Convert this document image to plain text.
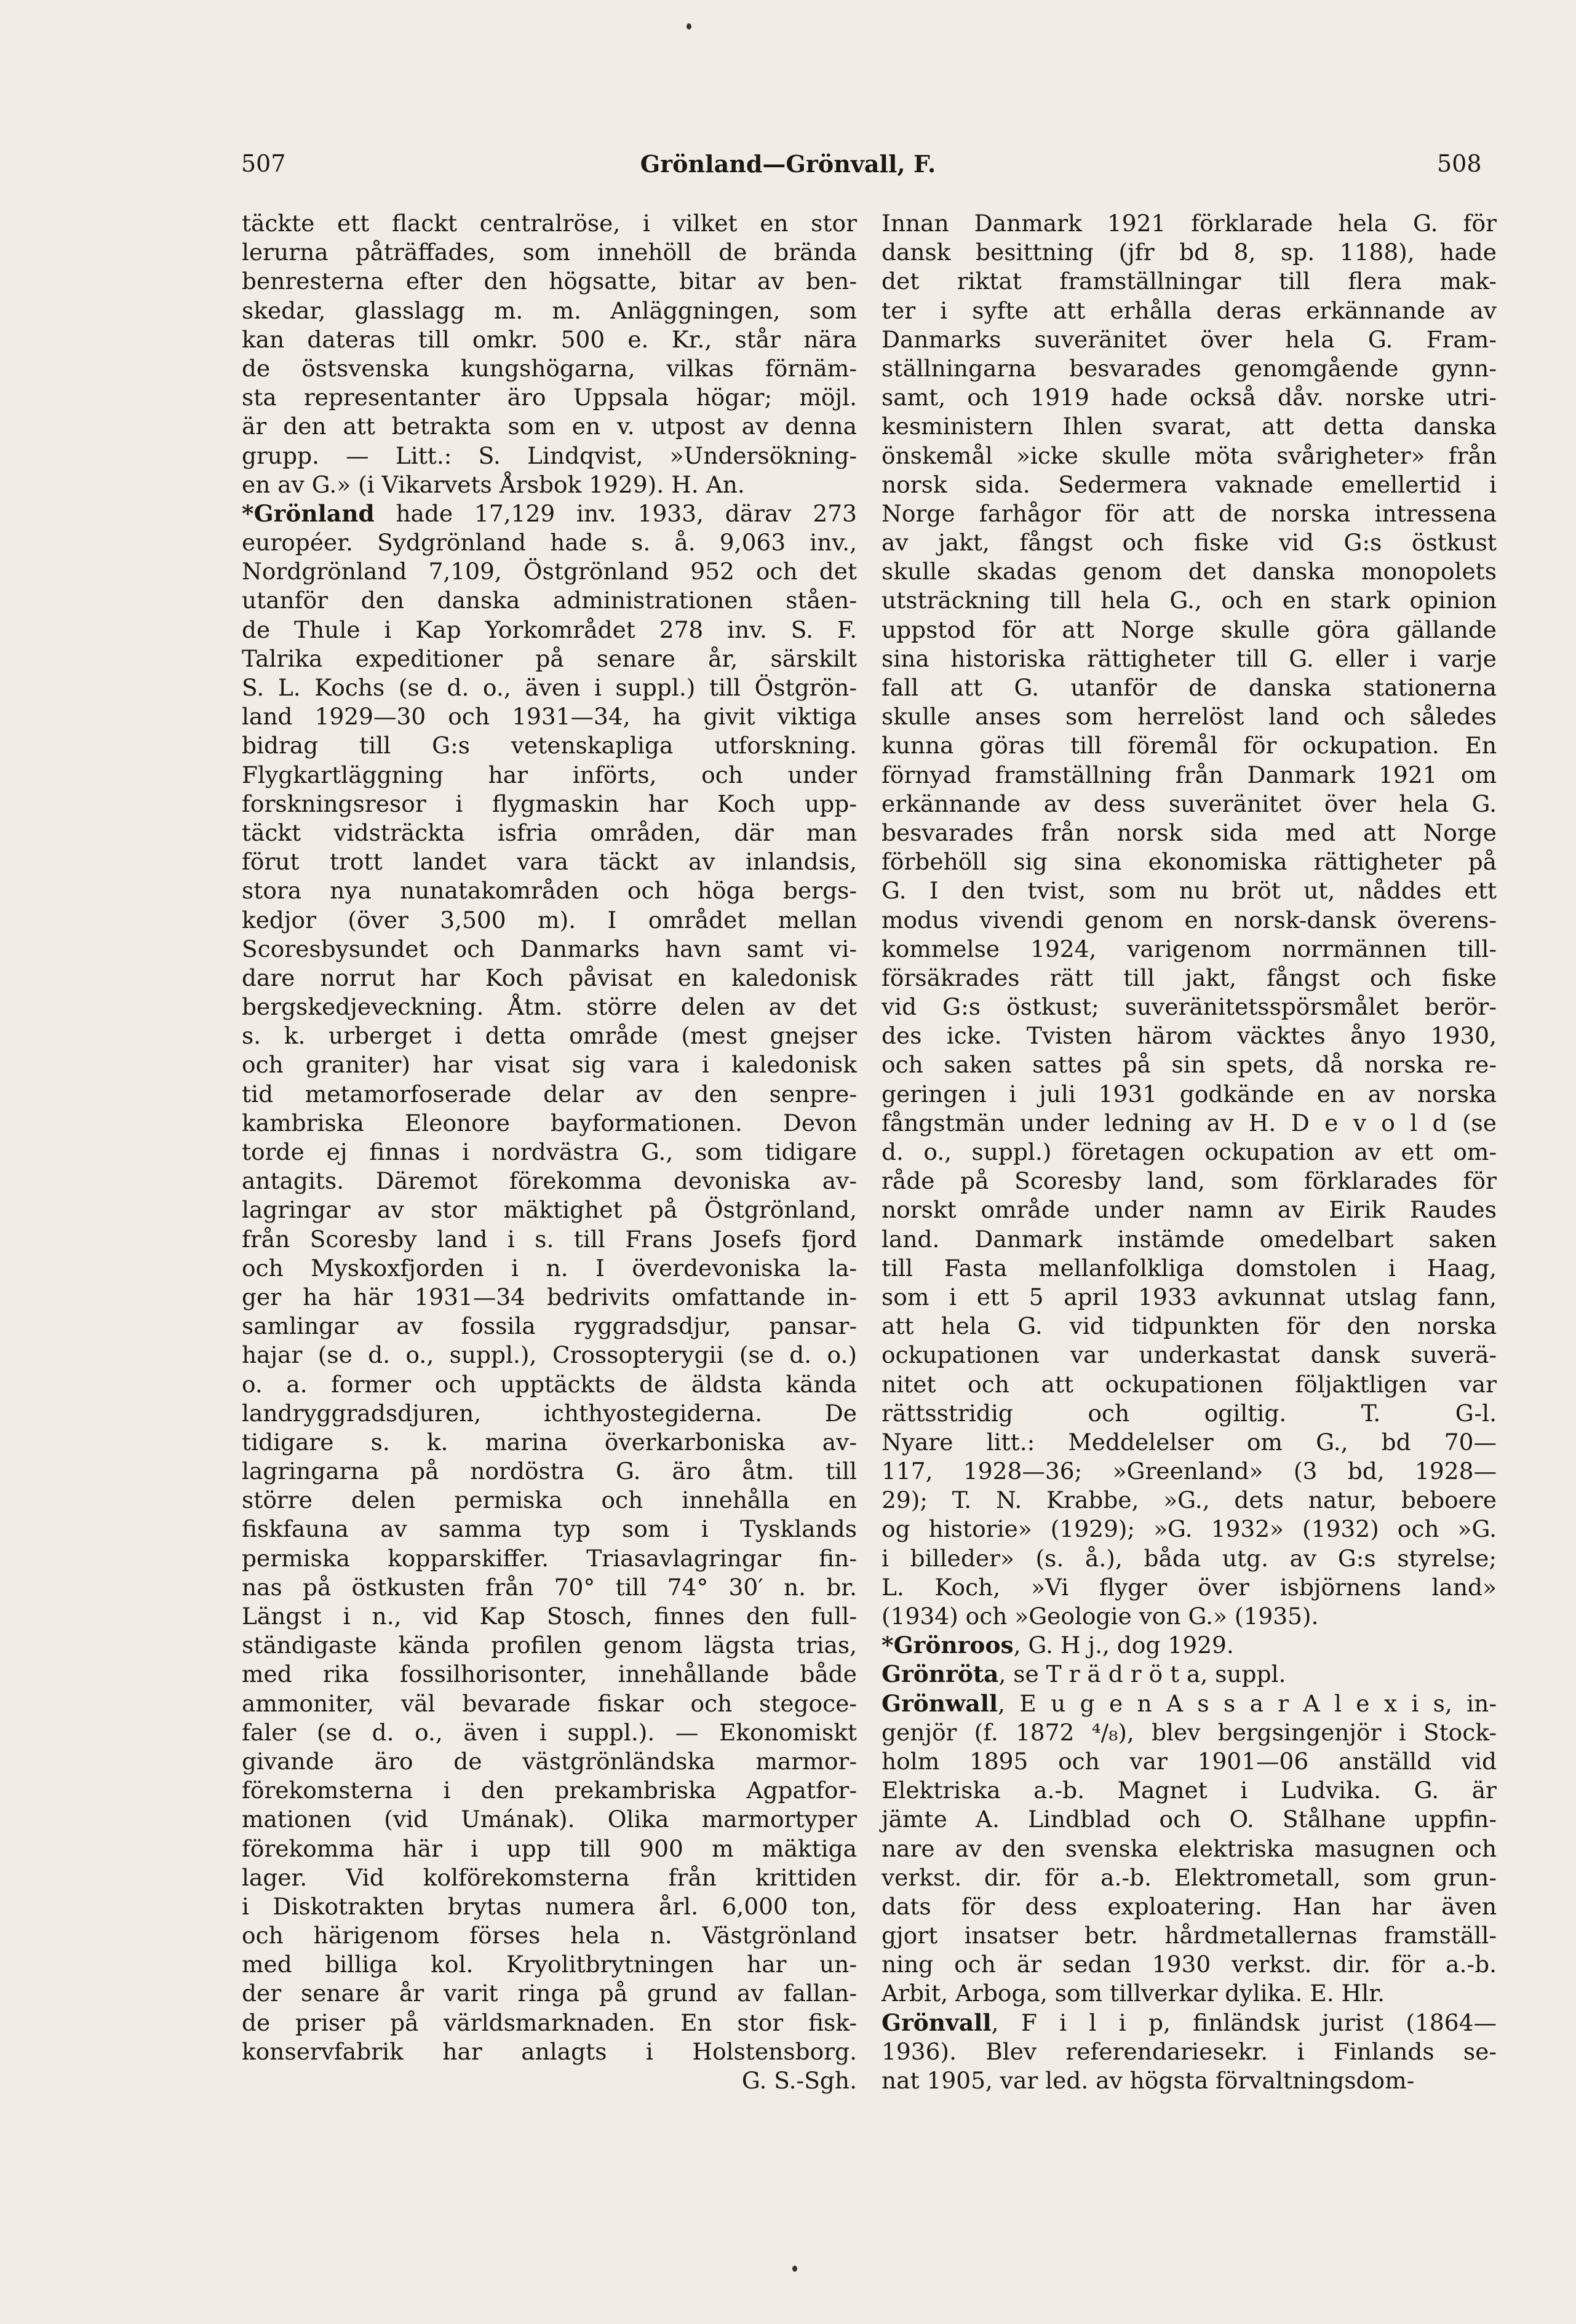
507	Grönland—Grönvall, F.	508
täckte ett flackt centralröse, i vilket en stor
lerurna påträffades, som innehöll de brända
benresterna efter den högsatte, bitar av ben-
skedar, glasslagg m. m. Anläggningen, som
kan dateras till omkr. 500 e. Kr., står nära
de östsvenska kungshögarna, vilkas förnäm-
sta representanter äro Uppsala högar; möjl.
är den att betrakta som en v. utpost av denna
grupp. — Litt.: S. Lindqvist, »Undersökning-
en av G.» (i Vikarvets Årsbok 1929). H. An.
*Grönland hade 17,129 inv. 1933, därav 273
européer. Sydgrönland hade s. å. 9,063 inv.,
Nordgrönland 7,109, Östgrönland 952 och det
utanför den danska administrationen ståen-
de Thule i Kap Yorkområdet 278 inv. S. F.
Talrika expeditioner på senare år, särskilt
S. L. Kochs (se d. o., även i suppl.) till Östgrön-
land 1929—30 och 1931—34, ha givit viktiga
bidrag till G:s vetenskapliga utforskning.
Flygkartläggning har införts, och under
forskningsresor i flygmaskin har Koch upp-
täckt vidsträckta isfria områden, där man
förut trott landet vara täckt av inlandsis,
stora nya nunatakområden och höga bergs-
kedjor (över 3,500 m). I området mellan
Scoresbysundet och Danmarks havn samt vi-
dare norrut har Koch påvisat en kaledonisk
bergskedjeveckning. Åtm. större delen av det
s. k. urberget i detta område (mest gnejser
och graniter) har visat sig vara i kaledonisk
tid metamorfoserade delar av den senpre-
kambriska Eleonore bayformationen. Devon
torde ej finnas i nordvästra G., som tidigare
antagits. Däremot förekomma devoniska av-
lagringar av stor mäktighet på Östgrönland,
från Scoresby land i s. till Frans Josefs fjord
och Myskoxfjorden i n. I överdevoniska la-
ger ha här 1931—34 bedrivits omfattande in-
samlingar av fossila ryggradsdjur, pansar-
hajar (se d. o., suppl.), Crossopterygii (se d. o.)
o. a. former och upptäckts de äldsta kända
landryggradsdjuren, ichthyostegiderna. De
tidigare s. k. marina överkarboniska av-
lagringarna på nordöstra G. äro åtm. till
större delen permiska och innehålla en
fiskfauna av samma typ som i Tysklands
permiska kopparskiffer. Triasavlagringar fin-
nas på östkusten från 70° till 74° 30′ n. br.
Längst i n., vid Kap Stosch, finnes den full-
ständigaste kända profilen genom lägsta trias,
med rika fossilhorisonter, innehållande både
ammoniter, väl bevarade fiskar och stegoce-
faler (se d. o., även i suppl.). — Ekonomiskt
givande äro de västgrönländska marmor-
förekomsterna i den prekambriska Agpatfor-
mationen (vid Umának). Olika marmortyper
förekomma här i upp till 900 m mäktiga
lager. Vid kolförekomsterna från krittiden
i Diskotrakten brytas numera årl. 6,000 ton,
och härigenom förses hela n. Västgrönland
med billiga kol. Kryolitbrytningen har un-
der senare år varit ringa på grund av fallan-
de priser på världsmarknaden. En stor fisk-
konservfabrik har anlagts i Holstensborg.
G. S.-Sgh.
Innan Danmark 1921 förklarade hela G. för
dansk besittning (jfr bd 8, sp. 1188), hade
det riktat framställningar till flera mak-
ter i syfte att erhålla deras erkännande av
Danmarks suveränitet över hela G. Fram-
ställningarna besvarades genomgående gynn-
samt, och 1919 hade också dåv. norske utri-
kesministern Ihlen svarat, att detta danska
önskemål »icke skulle möta svårigheter» från
norsk sida. Sedermera vaknade emellertid i
Norge farhågor för att de norska intressena
av jakt, fångst och fiske vid G:s östkust
skulle skadas genom det danska monopolets
utsträckning till hela G., och en stark opinion
uppstod för att Norge skulle göra gällande
sina historiska rättigheter till G. eller i varje
fall att G. utanför de danska stationerna
skulle anses som herrelöst land och således
kunna göras till föremål för ockupation. En
förnyad framställning från Danmark 1921 om
erkännande av dess suveränitet över hela G.
besvarades från norsk sida med att Norge
förbehöll sig sina ekonomiska rättigheter på
G. I den tvist, som nu bröt ut, nåddes ett
modus vivendi genom en norsk-dansk överens-
kommelse 1924, varigenom norrmännen till-
försäkrades rätt till jakt, fångst och fiske
vid G:s östkust; suveränitetsspörsmålet berör-
des icke. Tvisten härom väcktes ånyo 1930,
och saken sattes på sin spets, då norska re-
geringen i juli 1931 godkände en av norska
fångstmän under ledning av H. D e v o l d (se
d. o., suppl.) företagen ockupation av ett om-
råde på Scoresby land, som förklarades för
norskt område under namn av Eirik Raudes
land. Danmark instämde omedelbart saken
till Fasta mellanfolkliga domstolen i Haag,
som i ett 5 april 1933 avkunnat utslag fann,
att hela G. vid tidpunkten för den norska
ockupationen var underkastat dansk suverä-
nitet och att ockupationen följaktligen var
rättsstridig och ogiltig. T. G-l.
Nyare litt.: Meddelelser om G., bd 70—
117, 1928—36; »Greenland» (3 bd, 1928—
29); T. N. Krabbe, »G., dets natur, beboere
og historie» (1929); »G. 1932» (1932) och »G.
i billeder» (s. å.), båda utg. av G:s styrelse;
L. Koch, »Vi flyger över isbjörnens land»
(1934) och »Geologie von G.» (1935).
*Grönroos, G. H j., dog 1929.
Grönröta, se T r ä d r ö t a, suppl.
Grönwall, E u g e n A s s a r A l e x i s, in-
genjör (f. 1872 ⁴/₈), blev bergsingenjör i Stock-
holm 1895 och var 1901—06 anställd vid
Elektriska a.-b. Magnet i Ludvika. G. är
jämte A. Lindblad och O. Stålhane uppfin-
nare av den svenska elektriska masugnen och
verkst. dir. för a.-b. Elektrometall, som grun-
dats för dess exploatering. Han har även
gjort insatser betr. hårdmetallernas framställ-
ning och är sedan 1930 verkst. dir. för a.-b.
Arbit, Arboga, som tillverkar dylika. E. Hlr.
Grönvall, F i l i p, finländsk jurist (1864—
1936). Blev referendariesekr. i Finlands se-
nat 1905, var led. av högsta förvaltningsdom-
